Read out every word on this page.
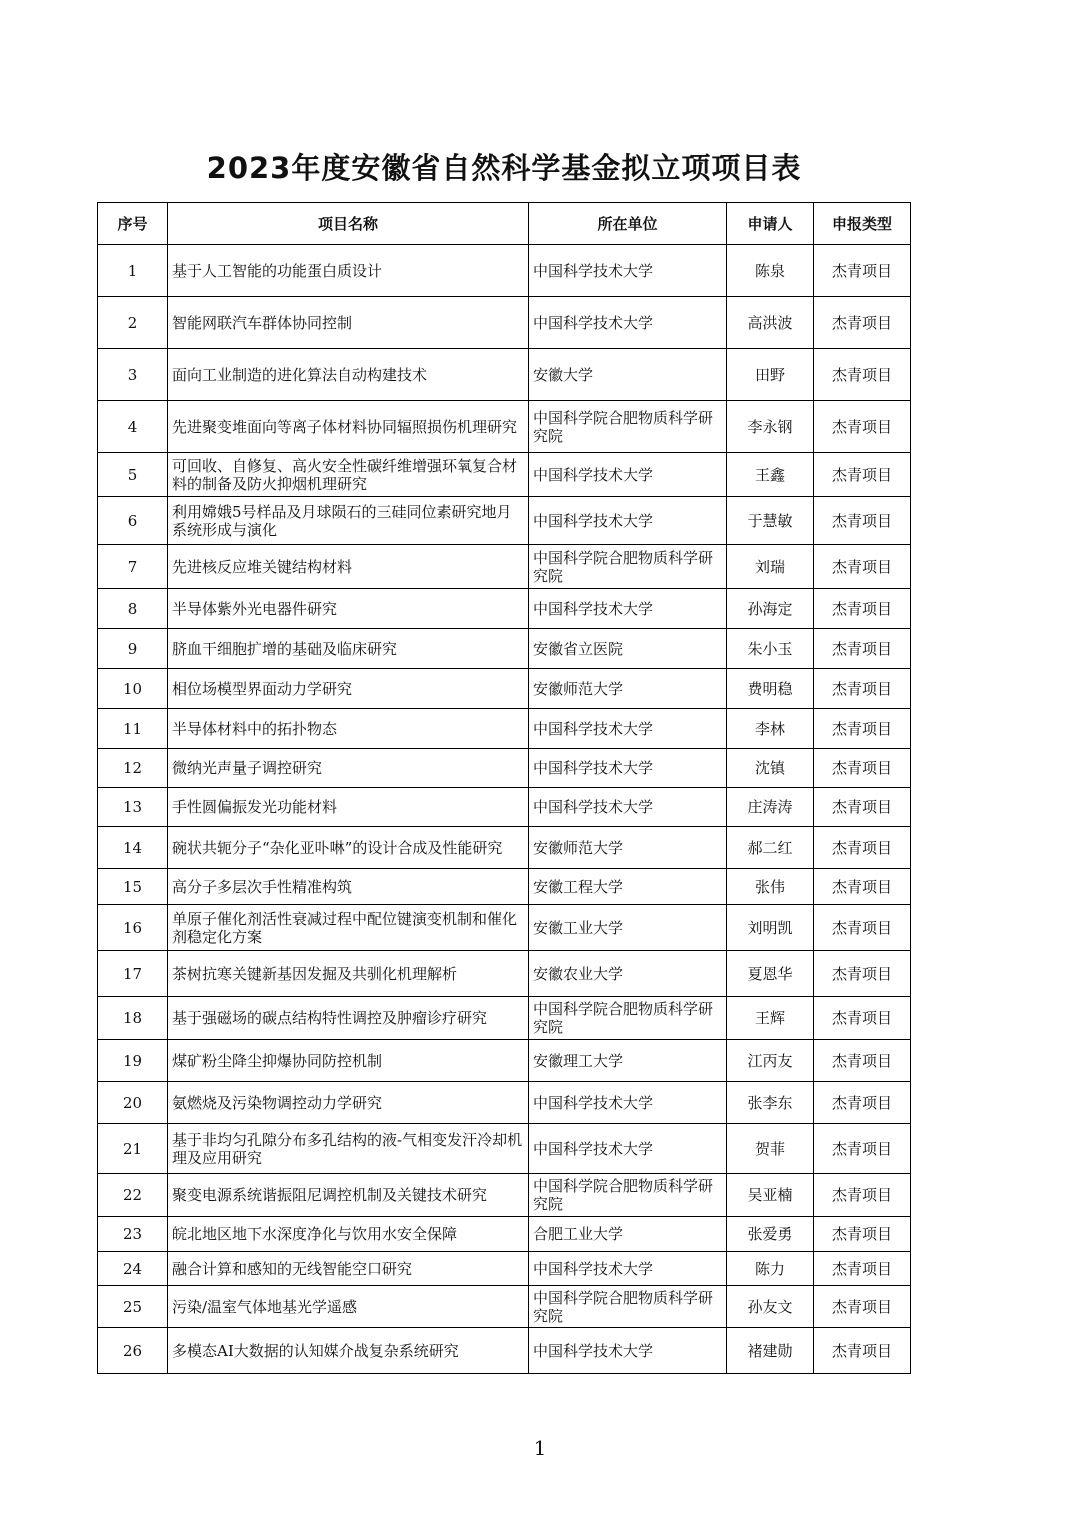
2023年度安徽省自然科学基金拟立项项目表
序号	项目名称	所在单位	申请人	申报类型
1	基于人工智能的功能蛋白质设计	中国科学技术大学	陈泉	杰青项目
2	智能网联汽车群体协同控制	中国科学技术大学	高洪波	杰青项目
3	面向工业制造的进化算法自动构建技术	安徽大学	田野	杰青项目
4	先进聚变堆面向等离子体材料协同辐照损伤机理研究	中国科学院合肥物质科学研究院	李永钢	杰青项目
5	可回收、自修复、高火安全性碳纤维增强环氧复合材料的制备及防火抑烟机理研究	中国科学技术大学	王鑫	杰青项目
6	利用嫦娥5号样品及月球陨石的三硅同位素研究地月系统形成与演化	中国科学技术大学	于慧敏	杰青项目
7	先进核反应堆关键结构材料	中国科学院合肥物质科学研究院	刘瑞	杰青项目
8	半导体紫外光电器件研究	中国科学技术大学	孙海定	杰青项目
9	脐血干细胞扩增的基础及临床研究	安徽省立医院	朱小玉	杰青项目
10	相位场模型界面动力学研究	安徽师范大学	费明稳	杰青项目
11	半导体材料中的拓扑物态	中国科学技术大学	李林	杰青项目
12	微纳光声量子调控研究	中国科学技术大学	沈镇	杰青项目
13	手性圆偏振发光功能材料	中国科学技术大学	庄涛涛	杰青项目
14	碗状共轭分子“杂化亚卟啉”的设计合成及性能研究	安徽师范大学	郝二红	杰青项目
15	高分子多层次手性精准构筑	安徽工程大学	张伟	杰青项目
16	单原子催化剂活性衰减过程中配位键演变机制和催化剂稳定化方案	安徽工业大学	刘明凯	杰青项目
17	茶树抗寒关键新基因发掘及共驯化机理解析	安徽农业大学	夏恩华	杰青项目
18	基于强磁场的碳点结构特性调控及肿瘤诊疗研究	中国科学院合肥物质科学研究院	王辉	杰青项目
19	煤矿粉尘降尘抑爆协同防控机制	安徽理工大学	江丙友	杰青项目
20	氨燃烧及污染物调控动力学研究	中国科学技术大学	张李东	杰青项目
21	基于非均匀孔隙分布多孔结构的液-气相变发汗冷却机理及应用研究	中国科学技术大学	贺菲	杰青项目
22	聚变电源系统谐振阻尼调控机制及关键技术研究	中国科学院合肥物质科学研究院	吴亚楠	杰青项目
23	皖北地区地下水深度净化与饮用水安全保障	合肥工业大学	张爱勇	杰青项目
24	融合计算和感知的无线智能空口研究	中国科学技术大学	陈力	杰青项目
25	污染/温室气体地基光学遥感	中国科学院合肥物质科学研究院	孙友文	杰青项目
26	多模态AI大数据的认知媒介战复杂系统研究	中国科学技术大学	褚建勋	杰青项目
1
